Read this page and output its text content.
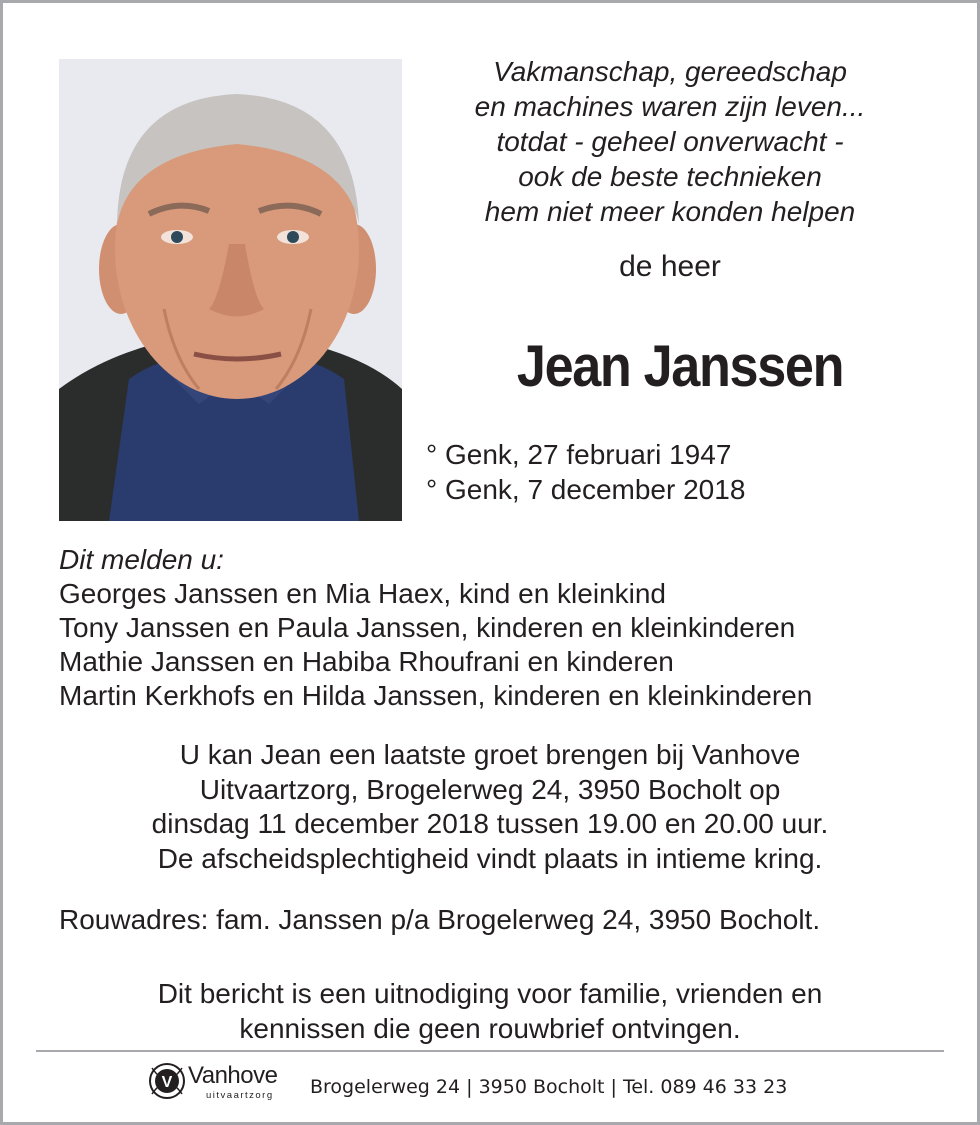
Vakmanschap, gereedschap
en machines waren zijn leven...
totdat - geheel onverwacht -
ook de beste technieken
hem niet meer konden helpen
de heer
Jean Janssen
° Genk, 27 februari 1947
° Genk, 7 december 2018
Dit melden u:
Georges Janssen en Mia Haex, kind en kleinkind
Tony Janssen en Paula Janssen, kinderen en kleinkinderen
Mathie Janssen en Habiba Rhoufrani en kinderen
Martin Kerkhofs en Hilda Janssen, kinderen en kleinkinderen
U kan Jean een laatste groet brengen bij Vanhove
Uitvaartzorg, Brogelerweg 24, 3950 Bocholt op
dinsdag 11 december 2018 tussen 19.00 en 20.00 uur.
De afscheidsplechtigheid vindt plaats in intieme kring.
Rouwadres: fam. Janssen p/a Brogelerweg 24, 3950 Bocholt.
Dit bericht is een uitnodiging voor familie, vrienden en
kennissen die geen rouwbrief ontvingen.
V Vanhove
uitvaartzorg Brogelerweg 24 | 3950 Bocholt | Tel. 089 46 33 23
